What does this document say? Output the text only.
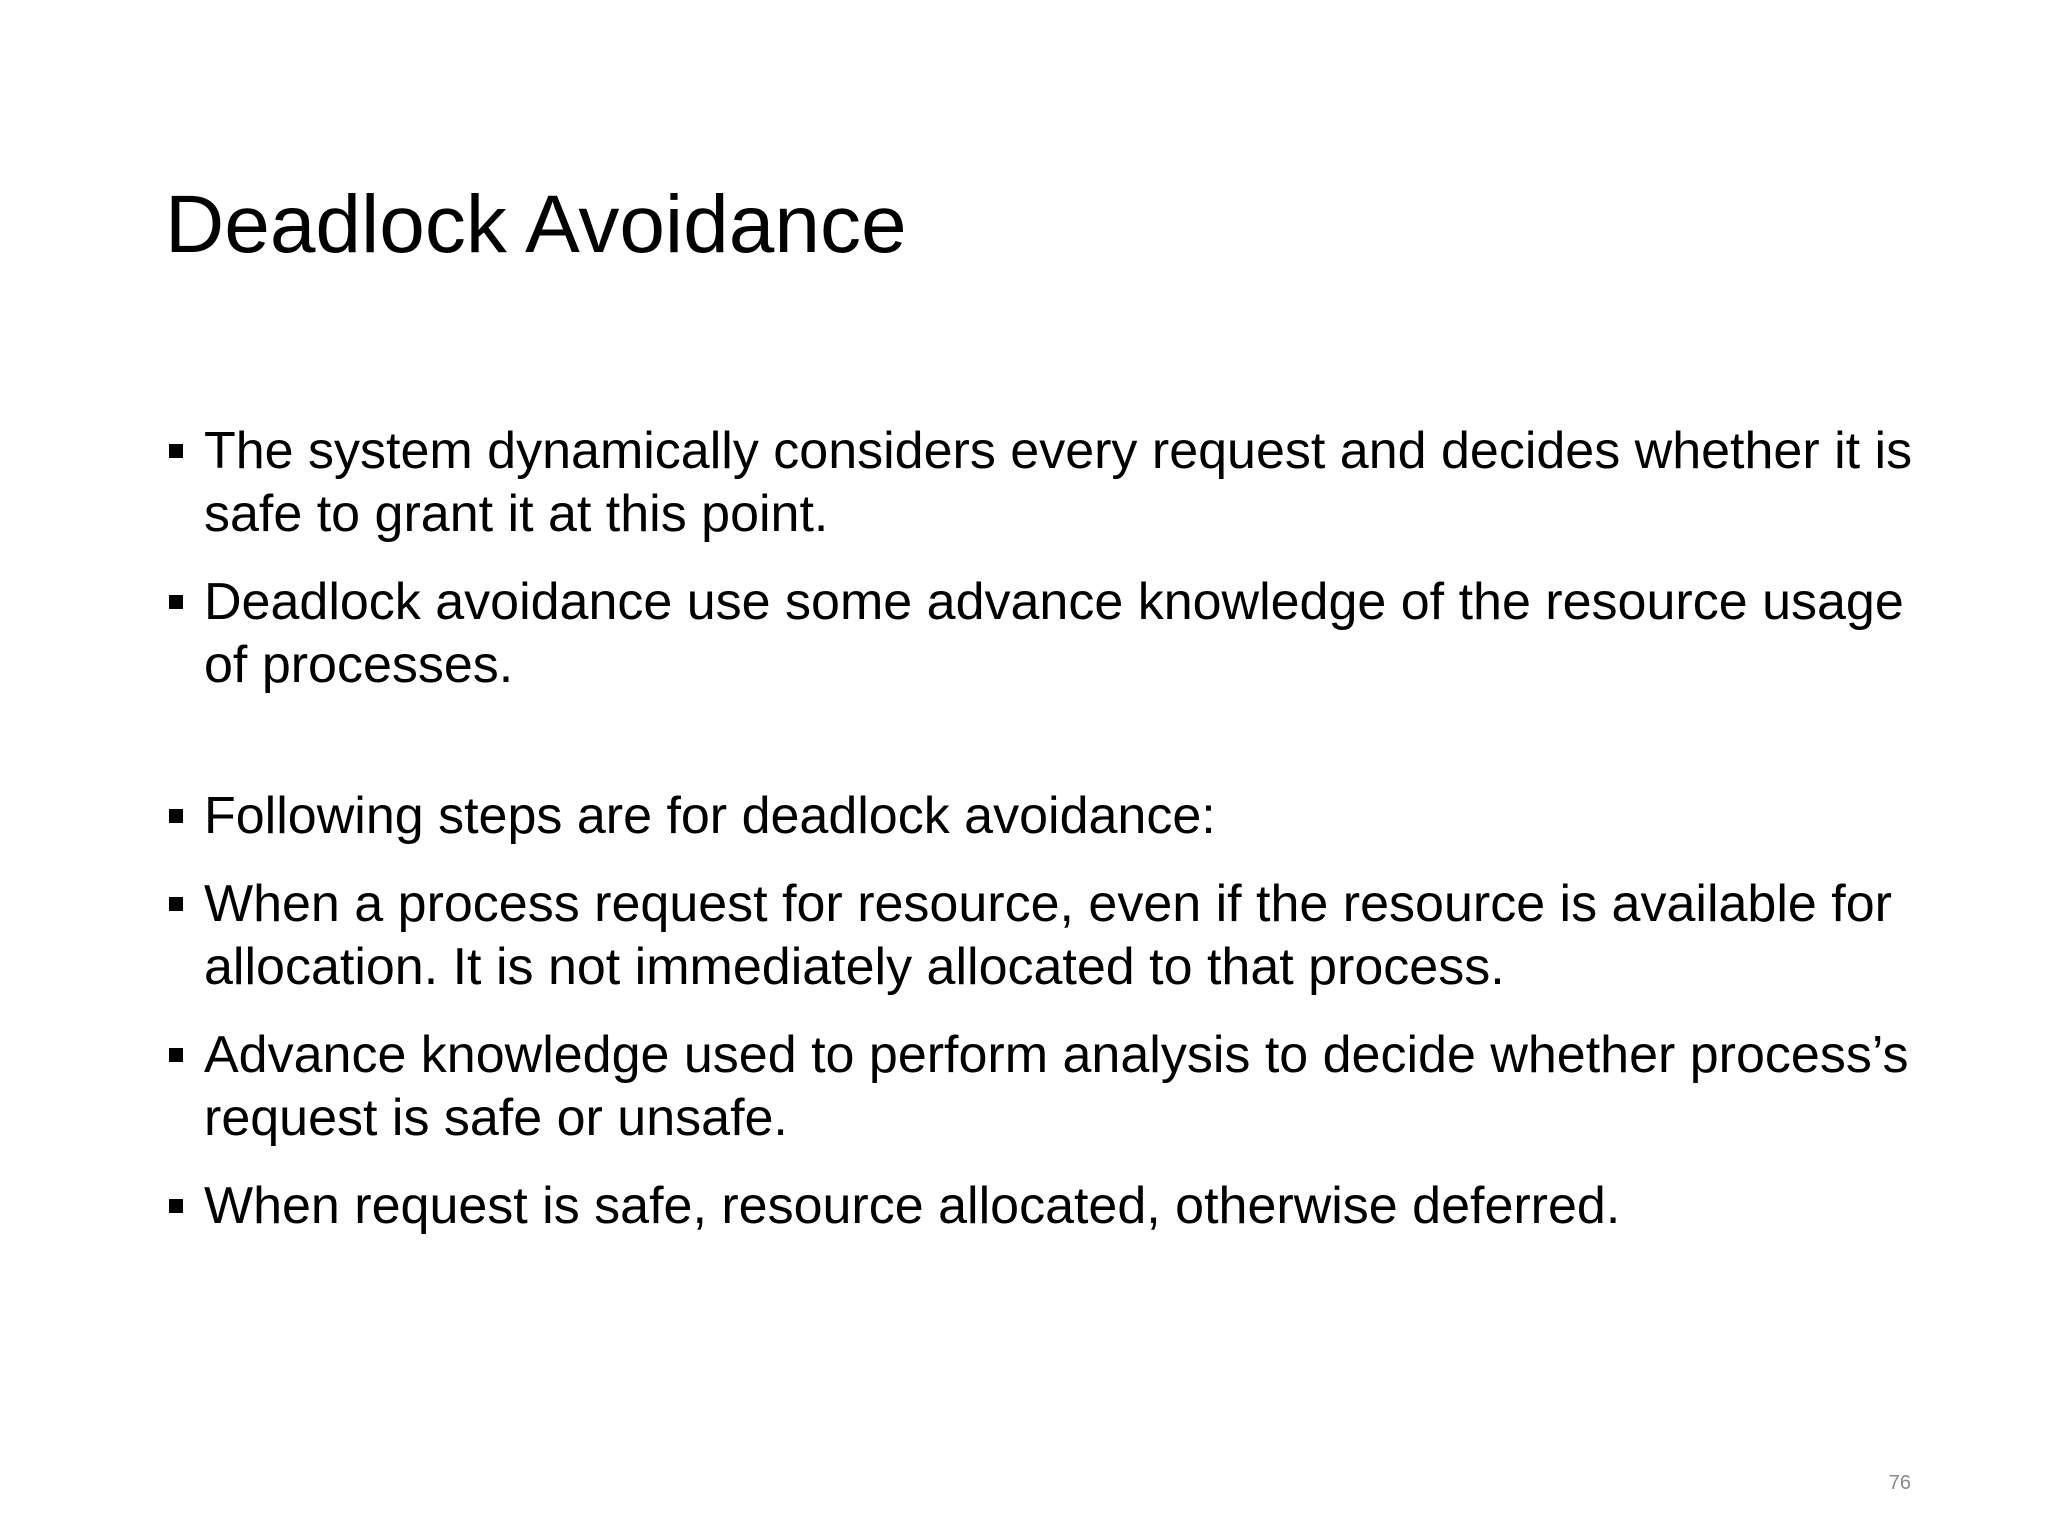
Deadlock Avoidance
The system dynamically considers every request and decides whether it is safe to grant it at this point.
Deadlock avoidance use some advance knowledge of the resource usage of processes.
Following steps are for deadlock avoidance:
When a process request for resource, even if the resource is available for allocation. It is not immediately allocated to that process.
Advance knowledge used to perform analysis to decide whether process’s request is safe or unsafe.
When request is safe, resource allocated, otherwise deferred.
76
